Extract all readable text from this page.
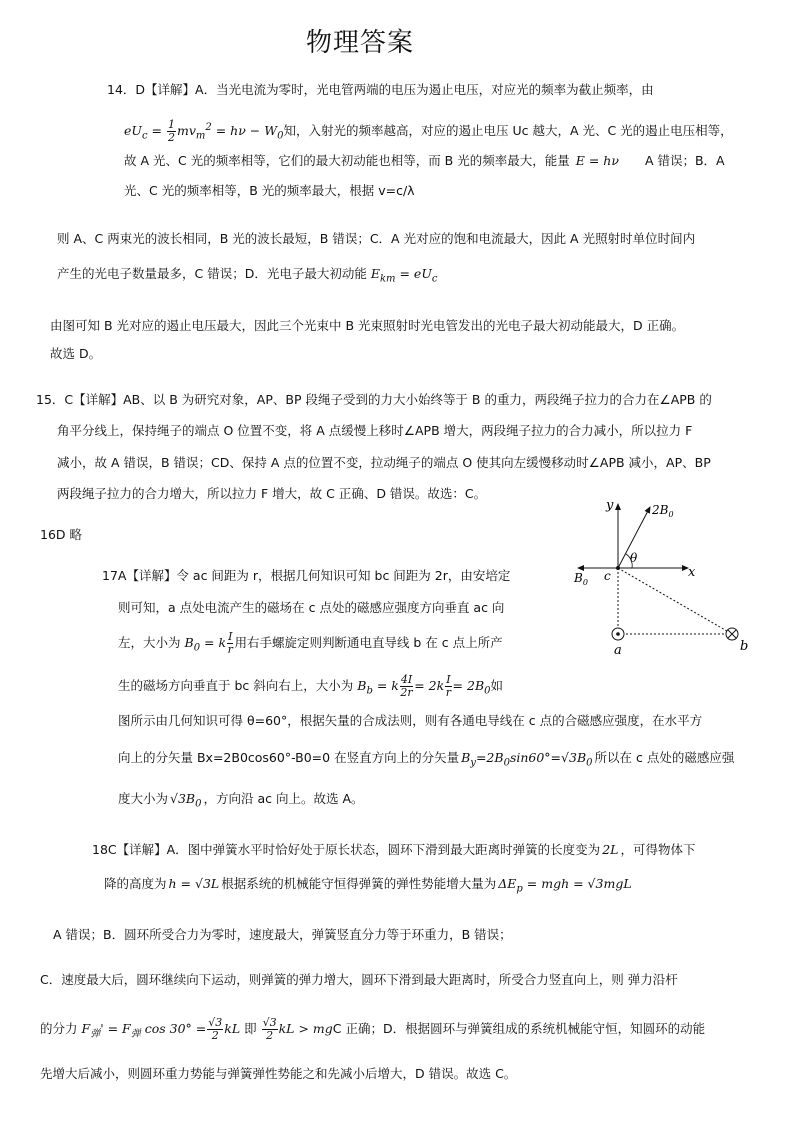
物理答案
14．D【详解】A．当光电流为零时，光电管两端的电压为遏止电压，对应光的频率为截止频率，由
$eU_c = \frac{1}{2} mv_m^2 = h\nu - W_0$知，入射光的频率越高，对应的遏止电压 Uc 越大，A 光、C 光的遏止电压相等，
故 A 光、C 光的频率相等，它们的最大初动能也相等，而 B 光的频率最大，能量 E = hν A 错误；B．A
光、C 光的频率相等，B 光的频率最大，根据 v=c/λ
则 A、C 两束光的波长相同，B 光的波长最短，B 错误；C．A 光对应的饱和电流最大，因此 A 光照射时单位时间内
产生的光电子数量最多，C 错误；D．光电子最大初动能 $E_{km} = eU_c$
由图可知 B 光对应的遏止电压最大，因此三个光束中 B 光束照射时光电管发出的光电子最大初动能最大，D 正确。
故选 D。
15．C【详解】AB、以 B 为研究对象，AP、BP 段绳子受到的力大小始终等于 B 的重力，两段绳子拉力的合力在∠APB 的
角平分线上，保持绳子的端点 O 位置不变，将 A 点缓慢上移时∠APB 增大，两段绳子拉力的合力减小，所以拉力 F
减小，故 A 错误，B 错误；CD、保持 A 点的位置不变，拉动绳子的端点 O 使其向左缓慢移动时∠APB 减小，AP、BP
两段绳子拉力的合力增大，所以拉力 F 增大，故 C 正确、D 错误。故选：C。
16D 略
17A【详解】令 ac 间距为 r，根据几何知识可知 bc 间距为 2r，由安培定
则可知，a 点处电流产生的磁场在 c 点处的磁感应强度方向垂直 ac 向
左，大小为 $B_0 = k \frac{I}{r}$ 用右手螺旋定则判断通电直导线 b 在 c 点上所产
生的磁场方向垂直于 bc 斜向右上，大小为 $B_b = k \frac{4I}{2r} = 2k \frac{I}{r} = 2B_0$如
图所示由几何知识可得 θ=60°，根据矢量的合成法则，则有各通电导线在 c 点的合磁感应强度，在水平方
向上的分矢量 Bx=2B0cos60°-B0=0 在竖直方向上的分矢量 $B_y=2B_0\sin 60^\circ=√3B_0$ 所以在 c 点处的磁感应强
度大小为 $√3B_0$ ，方向沿 ac 向上。故选 A。
y
x
$2B_0$
θ
$B_0$ c
a	b
18C【详解】A．图中弹簧水平时恰好处于原长状态，圆环下滑到最大距离时弹簧的长度变为 2L ，可得物体下
降的高度为 h = √3L 根据系统的机械能守恒得弹簧的弹性势能增大量为 $\Delta E_p$ = mgh = √3mgL
A 错误；B．圆环所受合力为零时，速度最大，弹簧竖直分力等于环重力，B 错误；
C．速度最大后，圆环继续向下运动，则弹簧的弹力增大，圆环下滑到最大距离时，所受合力竖直向上，则 弹力沿杆
的分力 $F_弹' = F_弹$ $\cos 30^\circ = \frac{√3}{2}$ kL 即 $\frac{√3}{2}$ kL > mgC 正确；D．根据圆环与弹簧组成的系统机械能守恒，知圆环的动能
先增大后减小，则圆环重力势能与弹簧弹性势能之和先减小后增大，D 错误。故选 C。
